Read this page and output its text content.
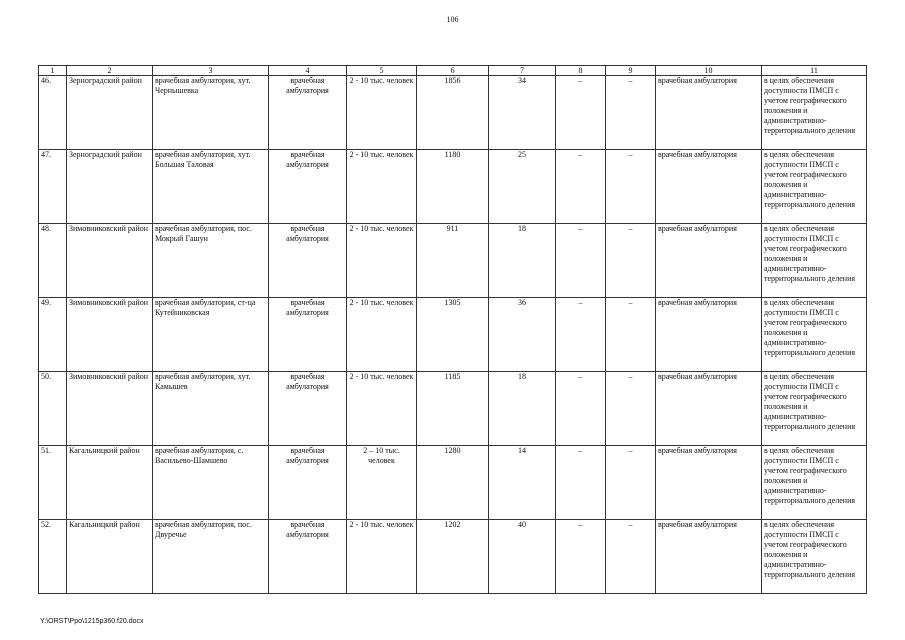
106
1	2	3	4	5	6	7	8	9	10	11
46.	Зерноградский район	врачебная амбулатория, хут. Чернышевка	врачебная амбулатория	2 - 10 тыс. человек	1856	34	–	–	врачебная амбулатория	в целях обеспечения доступности ПМСП с учетом географического положения и административно-территориального деления
47.	Зерноградский район	врачебная амбулатория, хут. Большая Таловая	врачебная амбулатория	2 - 10 тыс. человек	1180	25	–	–	врачебная амбулатория	в целях обеспечения доступности ПМСП с учетом географического положения и административно-территориального деления
48.	Зимовниковский район	врачебная амбулатория, пос. Мокрый Гашун	врачебная амбулатория	2 - 10 тыс. человек	911	18	–	–	врачебная амбулатория	в целях обеспечения доступности ПМСП с учетом географического положения и административно-территориального деления
49.	Зимовниковский район	врачебная амбулатория, ст-ца Кутейниковская	врачебная амбулатория	2 - 10 тыс. человек	1305	36	–	–	врачебная амбулатория	в целях обеспечения доступности ПМСП с учетом географического положения и административно-территориального деления
50.	Зимовниковский район	врачебная амбулатория, хут. Камышев	врачебная амбулатория	2 - 10 тыс. человек	1185	18	–	–	врачебная амбулатория	в целях обеспечения доступности ПМСП с учетом географического положения и административно-территориального деления
51.	Кагальницкий район	врачебная амбулатория, с. Васильево-Шамшево	врачебная амбулатория	2 – 10 тыс. человек	1280	14	–	–	врачебная амбулатория	в целях обеспечения доступности ПМСП с учетом географического положения и административно-территориального деления
52.	Кагальницкий район	врачебная амбулатория, пос. Двуречье	врачебная амбулатория	2 - 10 тыс. человек	1202	40	–	–	врачебная амбулатория	в целях обеспечения доступности ПМСП с учетом географического положения и административно-территориального деления
Y:\ORST\Ppo\1215p360.f20.docx
